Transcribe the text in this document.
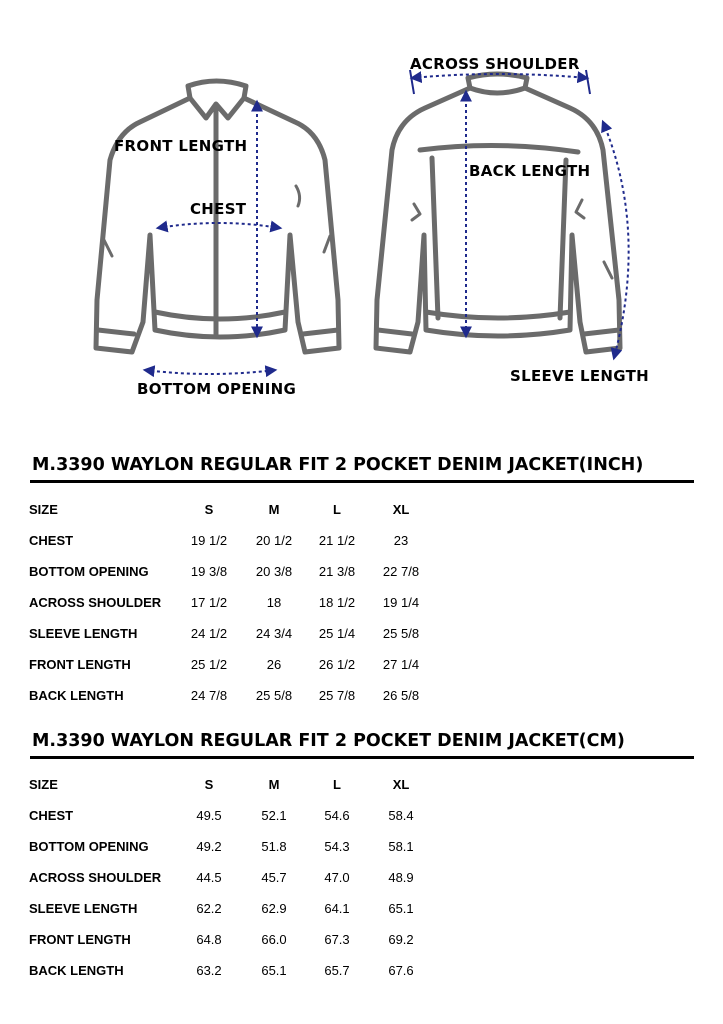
FRONT LENGTH
CHEST
BOTTOM OPENING
ACROSS SHOULDER
BACK LENGTH
SLEEVE LENGTH
M.3390 WAYLON REGULAR FIT 2 POCKET DENIM JACKET(INCH)
SIZE	S	M	L	XL
CHEST	19 1/2	20 1/2	21 1/2	23
BOTTOM OPENING	19 3/8	20 3/8	21 3/8	22 7/8
ACROSS SHOULDER	17 1/2	18	18 1/2	19 1/4
SLEEVE LENGTH	24 1/2	24 3/4	25 1/4	25 5/8
FRONT LENGTH	25 1/2	26	26 1/2	27 1/4
BACK LENGTH	24 7/8	25 5/8	25 7/8	26 5/8
M.3390 WAYLON REGULAR FIT 2 POCKET DENIM JACKET(CM)
SIZE	S	M	L	XL
CHEST	49.5	52.1	54.6	58.4
BOTTOM OPENING	49.2	51.8	54.3	58.1
ACROSS SHOULDER	44.5	45.7	47.0	48.9
SLEEVE LENGTH	62.2	62.9	64.1	65.1
FRONT LENGTH	64.8	66.0	67.3	69.2
BACK LENGTH	63.2	65.1	65.7	67.6
